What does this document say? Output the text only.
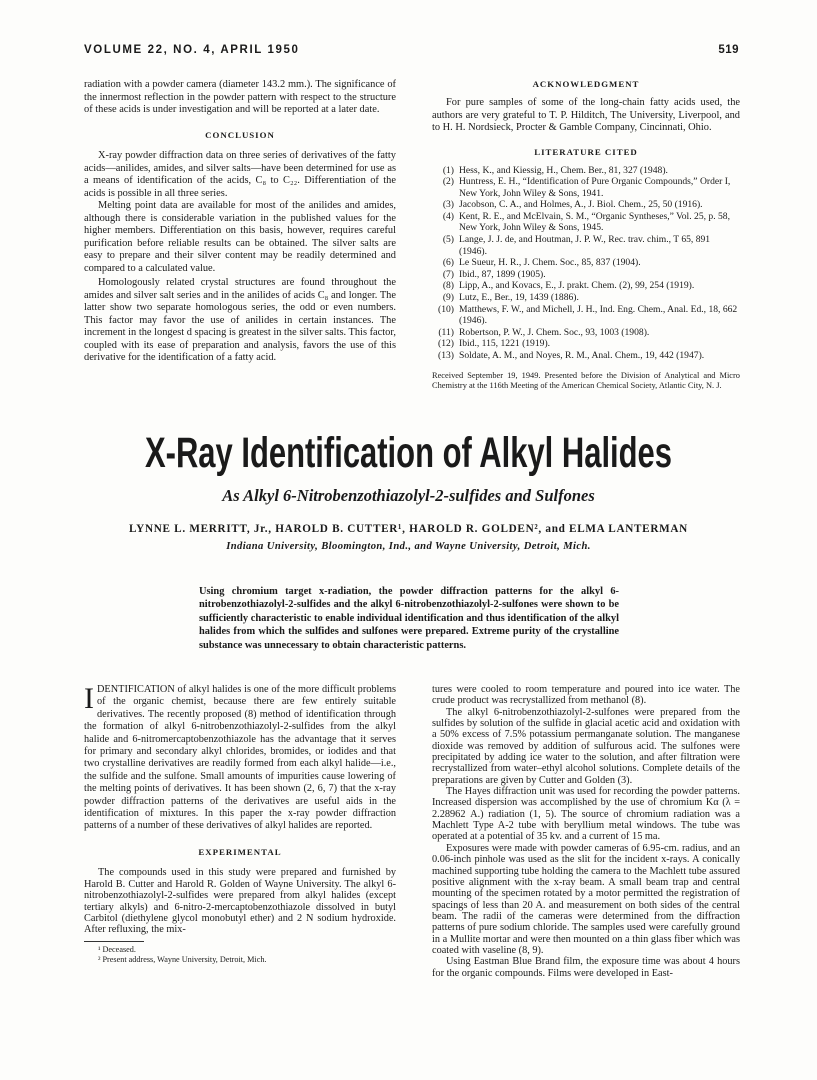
VOLUME 22, NO. 4, APRIL 1950	519

radiation with a powder camera (diameter 143.2 mm.). The significance of the innermost reflection in the powder pattern with respect to the structure of these acids is under investigation and will be reported at a later date.

CONCLUSION

X-ray powder diffraction data on three series of derivatives of the fatty acids—anilides, amides, and silver salts—have been determined for use as a means of identification of the acids, C₈ to C₂₂. Differentiation of the acids is possible in all three series.

Melting point data are available for most of the anilides and amides, although there is considerable variation in the published values for the higher members. Differentiation on this basis, however, requires careful purification before reliable results can be obtained. The silver salts are easy to prepare and their silver content may be readily determined and compared to a calculated value.

Homologously related crystal structures are found throughout the amides and silver salt series and in the anilides of acids C₈ and longer. The latter show two separate homologous series, the odd or even numbers. This factor may favor the use of anilides in certain instances. The increment in the longest d spacing is greatest in the silver salts. This factor, coupled with its ease of preparation and analysis, favors the use of this derivative for the identification of a fatty acid.

ACKNOWLEDGMENT

For pure samples of some of the long-chain fatty acids used, the authors are very grateful to T. P. Hilditch, The University, Liverpool, and to H. H. Nordsieck, Procter & Gamble Company, Cincinnati, Ohio.

LITERATURE CITED
(1) Hess, K., and Kiessig, H., Chem. Ber., 81, 327 (1948).
(2) Huntress, E. H., “Identification of Pure Organic Compounds,” Order I, New York, John Wiley & Sons, 1941.
(3) Jacobson, C. A., and Holmes, A., J. Biol. Chem., 25, 50 (1916).
(4) Kent, R. E., and McElvain, S. M., “Organic Syntheses,” Vol. 25, p. 58, New York, John Wiley & Sons, 1945.
(5) Lange, J. J. de, and Houtman, J. P. W., Rec. trav. chim., T 65, 891 (1946).
(6) Le Sueur, H. R., J. Chem. Soc., 85, 837 (1904).
(7) Ibid., 87, 1899 (1905).
(8) Lipp, A., and Kovacs, E., J. prakt. Chem. (2), 99, 254 (1919).
(9) Lutz, E., Ber., 19, 1439 (1886).
(10) Matthews, F. W., and Michell, J. H., Ind. Eng. Chem., Anal. Ed., 18, 662 (1946).
(11) Robertson, P. W., J. Chem. Soc., 93, 1003 (1908).
(12) Ibid., 115, 1221 (1919).
(13) Soldate, A. M., and Noyes, R. M., Anal. Chem., 19, 442 (1947).

Received September 19, 1949. Presented before the Division of Analytical and Micro Chemistry at the 116th Meeting of the American Chemical Society, Atlantic City, N. J.

X-Ray Identification of Alkyl Halides
As Alkyl 6-Nitrobenzothiazolyl-2-sulfides and Sulfones
LYNNE L. MERRITT, Jr., HAROLD B. CUTTER¹, HAROLD R. GOLDEN², and ELMA LANTERMAN
Indiana University, Bloomington, Ind., and Wayne University, Detroit, Mich.
Using chromium target x-radiation, the powder diffraction patterns for the alkyl 6-nitrobenzothiazolyl-2-sulfides and the alkyl 6-nitrobenzothiazolyl-2-sulfones were shown to be sufficiently characteristic to enable individual identification and thus identification of the alkyl halides from which the sulfides and sulfones were prepared. Extreme purity of the crystalline substance was unnecessary to obtain characteristic patterns.

IDENTIFICATION of alkyl halides is one of the more difficult problems of the organic chemist, because there are few entirely suitable derivatives. The recently proposed (8) method of identification through the formation of alkyl 6-nitrobenzothiazolyl-2-sulfides from the alkyl halide and 6-nitromercaptobenzothiazole has the advantage that it serves for primary and secondary alkyl chlorides, bromides, or iodides and that two crystalline derivatives are readily formed from each alkyl halide—i.e., the sulfide and the sulfone. Small amounts of impurities cause lowering of the melting points of derivatives. It has been shown (2, 6, 7) that the x-ray powder diffraction patterns of the derivatives are useful aids in the identification of mixtures. In this paper the x-ray powder diffraction patterns of a number of these derivatives of alkyl halides are reported.

EXPERIMENTAL

The compounds used in this study were prepared and furnished by Harold B. Cutter and Harold R. Golden of Wayne University. The alkyl 6-nitrobenzothiazolyl-2-sulfides were prepared from alkyl halides (except tertiary alkyls) and 6-nitro-2-mercaptobenzothiazole dissolved in butyl Carbitol (diethylene glycol monobutyl ether) and 2 N sodium hydroxide. After refluxing, the mix-

¹ Deceased.
² Present address, Wayne University, Detroit, Mich.

tures were cooled to room temperature and poured into ice water. The crude product was recrystallized from methanol (8).

The alkyl 6-nitrobenzothiazolyl-2-sulfones were prepared from the sulfides by solution of the sulfide in glacial acetic acid and oxidation with a 50% excess of 7.5% potassium permanganate solution. The manganese dioxide was removed by addition of sulfurous acid. The sulfones were precipitated by adding ice water to the solution, and after filtration were recrystallized from water–ethyl alcohol solutions. Complete details of the preparations are given by Cutter and Golden (3).

The Hayes diffraction unit was used for recording the powder patterns. Increased dispersion was accomplished by the use of chromium Kα (λ = 2.28962 A.) radiation (1, 5). The source of chromium radiation was a Machlett Type A-2 tube with beryllium metal windows. The tube was operated at a potential of 35 kv. and a current of 15 ma.

Exposures were made with powder cameras of 6.95-cm. radius, and an 0.06-inch pinhole was used as the slit for the incident x-rays. A conically machined supporting tube holding the camera to the Machlett tube assured positive alignment with the x-ray beam. A small beam trap and central mounting of the specimen rotated by a motor permitted the registration of spacings of less than 20 A. and measurement on both sides of the central beam. The radii of the cameras were determined from the diffraction patterns of pure sodium chloride. The samples used were carefully ground in a Mullite mortar and were then mounted on a thin glass fiber which was coated with vaseline (8, 9).

Using Eastman Blue Brand film, the exposure time was about 4 hours for the organic compounds. Films were developed in East-
